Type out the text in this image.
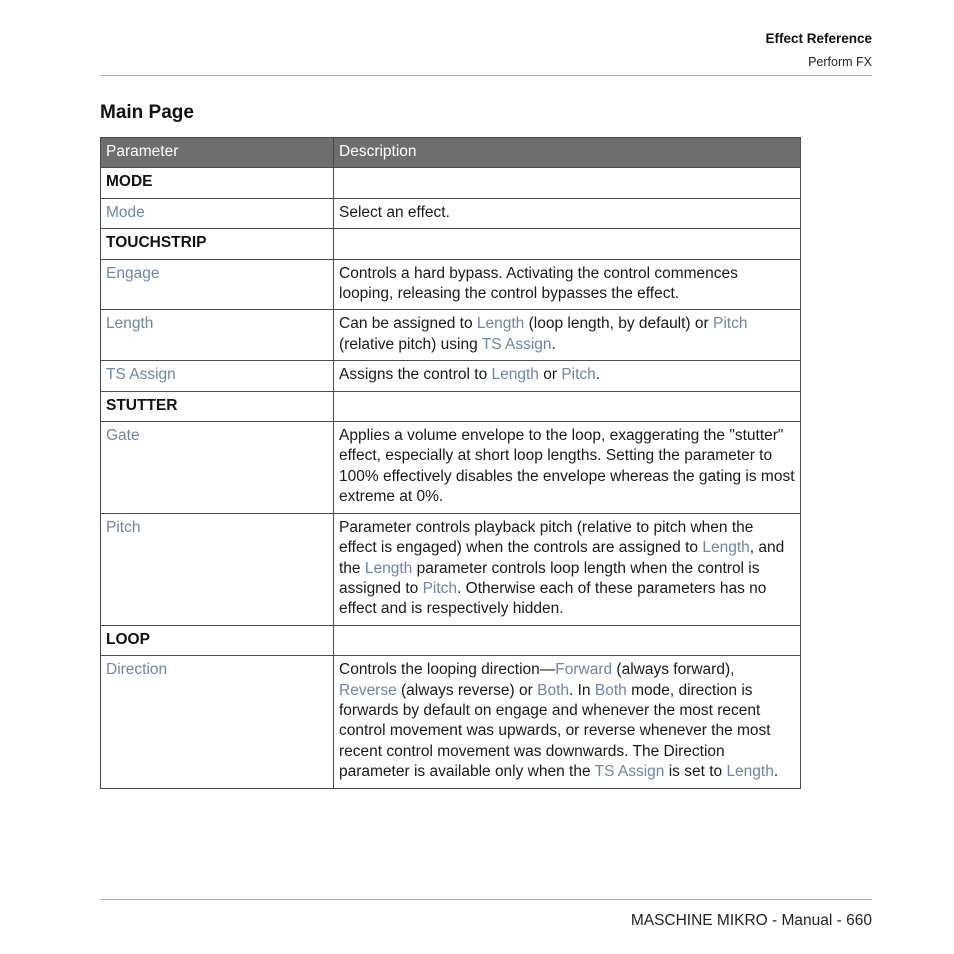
Effect Reference
Perform FX
Main Page
Parameter	Description
MODE	
Mode	Select an effect.
TOUCHSTRIP	
Engage	Controls a hard bypass. Activating the control commences looping, releasing the control bypasses the effect.
Length	Can be assigned to Length (loop length, by default) or Pitch (relative pitch) using TS Assign.
TS Assign	Assigns the control to Length or Pitch.
STUTTER	
Gate	Applies a volume envelope to the loop, exaggerating the "stutter" effect, especially at short loop lengths. Setting the parameter to 100% effectively disables the envelope whereas the gating is most extreme at 0%.
Pitch	Parameter controls playback pitch (relative to pitch when the effect is engaged) when the controls are assigned to Length, and the Length parameter controls loop length when the control is assigned to Pitch. Otherwise each of these parameters has no effect and is respectively hidden.
LOOP	
Direction	Controls the looping direction—Forward (always forward), Reverse (always reverse) or Both. In Both mode, direction is forwards by default on engage and whenever the most recent control movement was upwards, or reverse whenever the most recent control movement was downwards. The Direction parameter is available only when the TS Assign is set to Length.
MASCHINE MIKRO - Manual - 660
